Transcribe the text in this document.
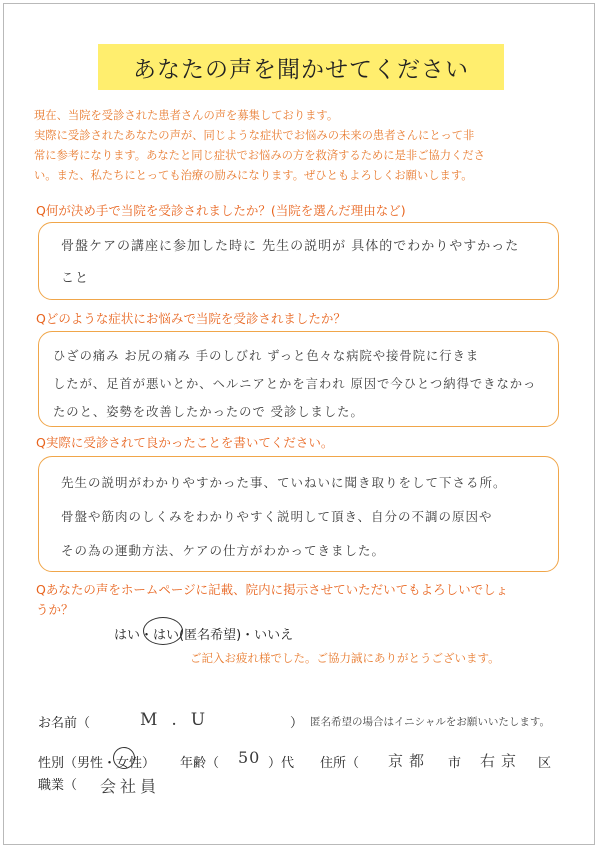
あなたの声を聞かせてください

現在、当院を受診された患者さんの声を募集しております。

実際に受診されたあなたの声が、同じような症状でお悩みの未来の患者さんにとって非

常に参考になります。あなたと同じ症状でお悩みの方を救済するために是非ご協力くださ

い。また、私たちにとっても治療の励みになります。ぜひともよろしくお願いします。

Q何が決め手で当院を受診されましたか？(当院を選んだ理由など)
骨盤ケアの講座に参加した時に 先生の説明が 具体的でわかりやすかった
こと
Qどのような症状にお悩みで当院を受診されましたか？
ひざの痛み お尻の痛み 手のしびれ ずっと色々な病院や接骨院に行きま
したが、足首が悪いとか、ヘルニアとかを言われ 原因で今ひとつ納得できなかっ
たのと、姿勢を改善したかったので 受診しました。
Q実際に受診されて良かったことを書いてください。
先生の説明がわかりやすかった事、ていねいに聞き取りをして下さる所。
骨盤や筋肉のしくみをわかりやすく説明して頂き、自分の不調の原因や
その為の運動方法、ケアの仕方がわかってきました。
Qあなたの声をホームページに記載、院内に掲示させていただいてもよろしいでしょ
うか？
はい・はい(匿名希望)・いいえ
ご記入お疲れ様でした。ご協力誠にありがとうございます。
お名前（	M.U	） 匿名希望の場合はイニシャルをお願いいたします。
性別（男性・女性） 年齢（ 50 ）代 住所（ 京都 市 右京 区
職業（ 会社員
